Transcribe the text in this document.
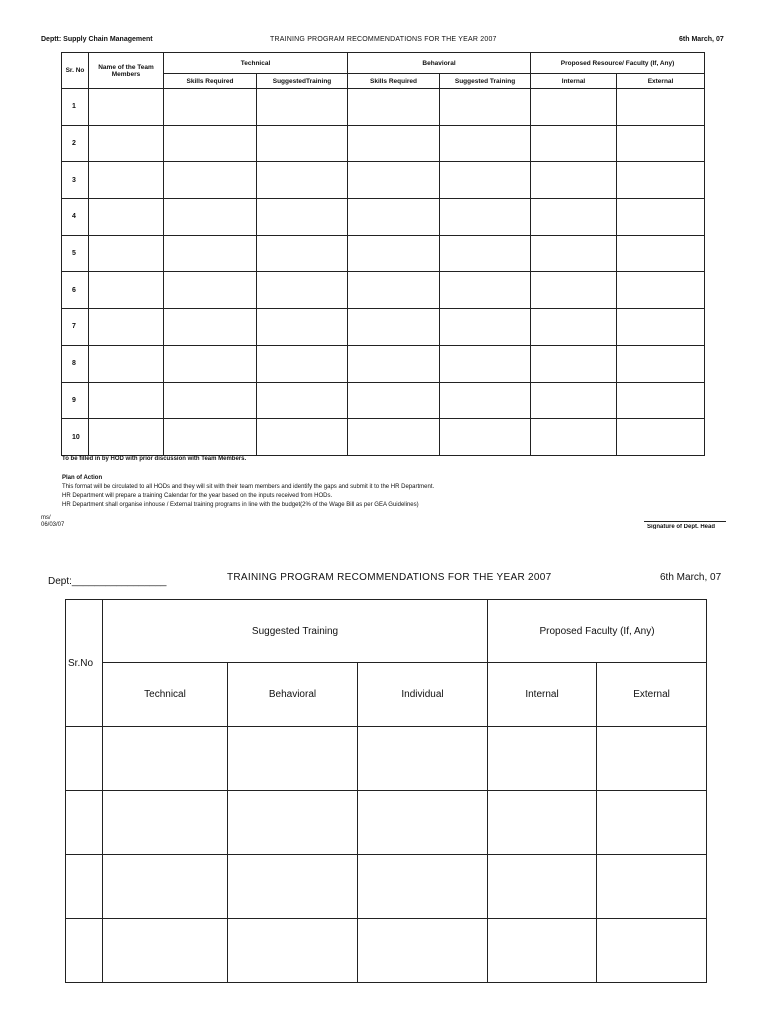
Deptt: Supply Chain Management	TRAINING PROGRAM RECOMMENDATIONS FOR THE YEAR 2007	6th March, 07
Sr. No	Name of the Team Members	Technical		Behavioral		Proposed Resource/ Faculty (If, Any)	
		Skills Required	SuggestedTraining	Skills Required	Suggested Training	Internal	External
1							
2							
3							
4							
5							
6							
7							
8							
9							
10							
To be filled in by HOD with prior discussion with Team Members.
Plan of Action
This format will be circulated to all HODs and they will sit with their team members and identify the gaps and submit it to the HR Department.
HR Department will prepare a training Calendar for the year based on the inputs received from HODs.
HR Department shall organise inhouse / External training programs in line with the budget(2% of the Wage Bill as per GEA Guidelines)
ms/
06/03/07	Signature of Dept. Head
Dept:_________________	TRAINING PROGRAM RECOMMENDATIONS FOR THE YEAR 2007	6th March, 07
Sr.No	Suggested Training			Proposed Faculty (If, Any)	
	Technical	Behavioral	Individual	Internal	External
